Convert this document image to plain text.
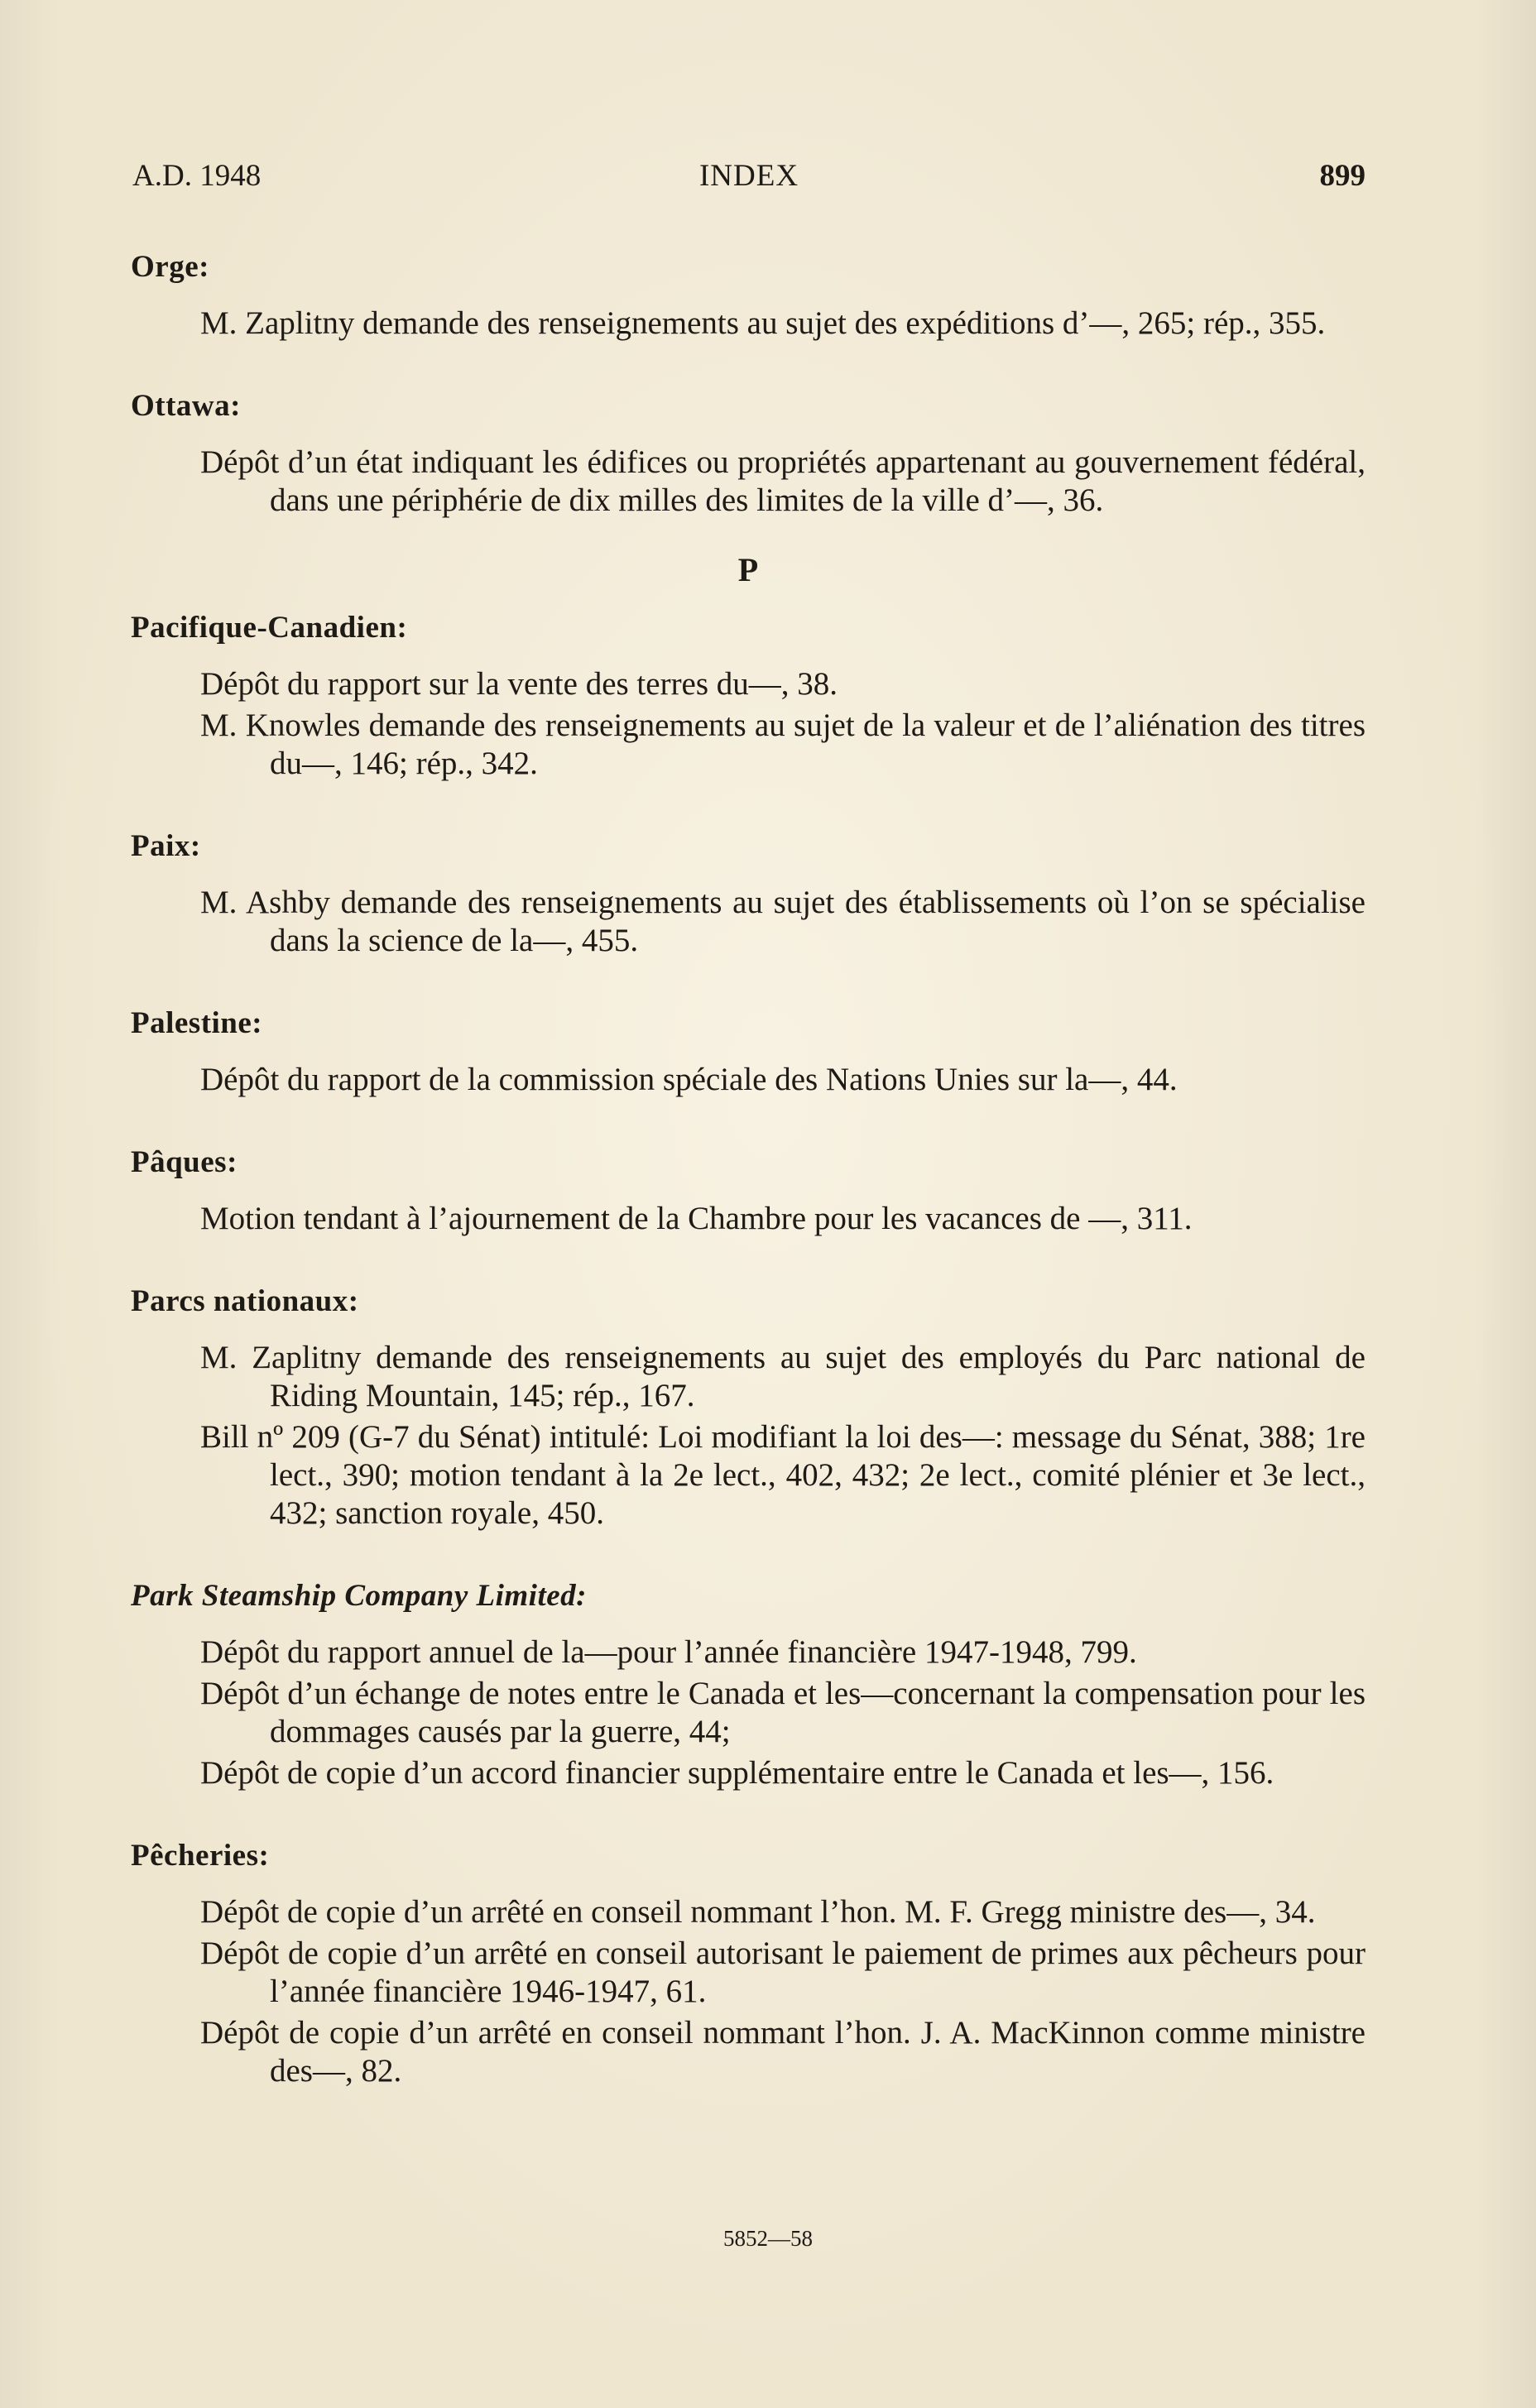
A.D. 1948	INDEX	899
Orge:
M. Zaplitny demande des renseignements au sujet des expéditions d’—, 265; rép., 355.
Ottawa:
Dépôt d’un état indiquant les édifices ou propriétés appartenant au gouvernement fédéral, dans une périphérie de dix milles des limites de la ville d’—, 36.
P
Pacifique-Canadien:
Dépôt du rapport sur la vente des terres du—, 38.
M. Knowles demande des renseignements au sujet de la valeur et de l’aliénation des titres du—, 146; rép., 342.
Paix:
M. Ashby demande des renseignements au sujet des établissements où l’on se spécialise dans la science de la—, 455.
Palestine:
Dépôt du rapport de la commission spéciale des Nations Unies sur la—, 44.
Pâques:
Motion tendant à l’ajournement de la Chambre pour les vacances de —, 311.
Parcs nationaux:
M. Zaplitny demande des renseignements au sujet des employés du Parc national de Riding Mountain, 145; rép., 167.
Bill nº 209 (G-7 du Sénat) intitulé: Loi modifiant la loi des—: message du Sénat, 388; 1re lect., 390; motion tendant à la 2e lect., 402, 432; 2e lect., comité plénier et 3e lect., 432; sanction royale, 450.
Park Steamship Company Limited:
Dépôt du rapport annuel de la—pour l’année financière 1947-1948, 799.
Dépôt d’un échange de notes entre le Canada et les—concernant la compensation pour les dommages causés par la guerre, 44;
Dépôt de copie d’un accord financier supplémentaire entre le Canada et les—, 156.
Pêcheries:
Dépôt de copie d’un arrêté en conseil nommant l’hon. M. F. Gregg ministre des—, 34.
Dépôt de copie d’un arrêté en conseil autorisant le paiement de primes aux pêcheurs pour l’année financière 1946-1947, 61.
Dépôt de copie d’un arrêté en conseil nommant l’hon. J. A. MacKinnon comme ministre des—, 82.
5852—58
